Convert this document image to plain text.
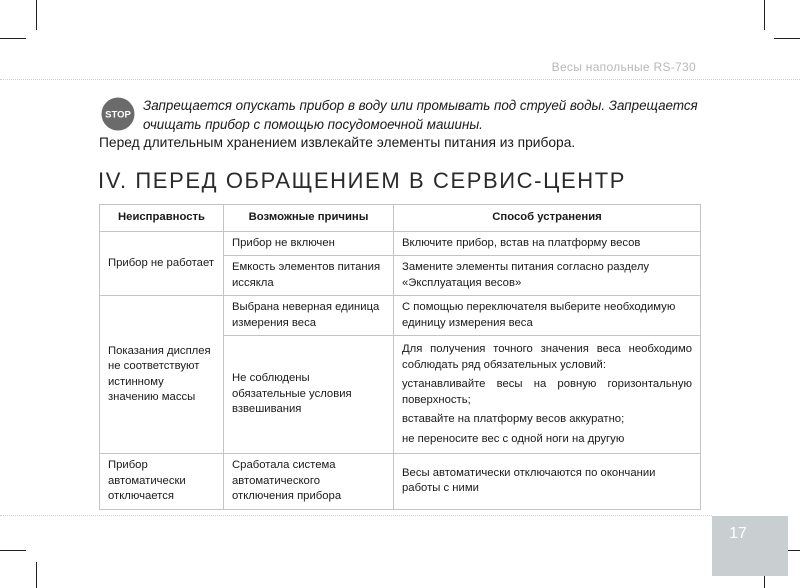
Весы напольные RS-730
STOP
Запрещается опускать прибор в воду или промывать под струей воды. Запрещается очищать прибор с помощью посудомоечной машины.
Перед длительным хранением извлекайте элементы питания из прибора.
IV. ПЕРЕД ОБРАЩЕНИЕМ В СЕРВИС-ЦЕНТР
Неисправность	Возможные причины	Способ устранения
Прибор не работает	Прибор не включен	Включите прибор, встав на платформу весов
	Емкость элементов питания иссякла	Замените элементы питания согласно разделу «Эксплуатация весов»
Показания дисплея не соответствуют истинному значению массы	Выбрана неверная единица измерения веса	С помощью переключателя выберите необходимую единицу измерения веса
	Не соблюдены обязательные условия взвешивания	Для получения точного значения веса необходимо соблюдать ряд обязательных условий:

устанавливайте весы на ровную горизонтальную поверхность;

вставайте на платформу весов аккуратно;

не переносите вес с одной ноги на другую

Прибор автоматически отключается	Сработала система автоматического отключения прибора	Весы автоматически отключаются по окончании работы с ними
17
